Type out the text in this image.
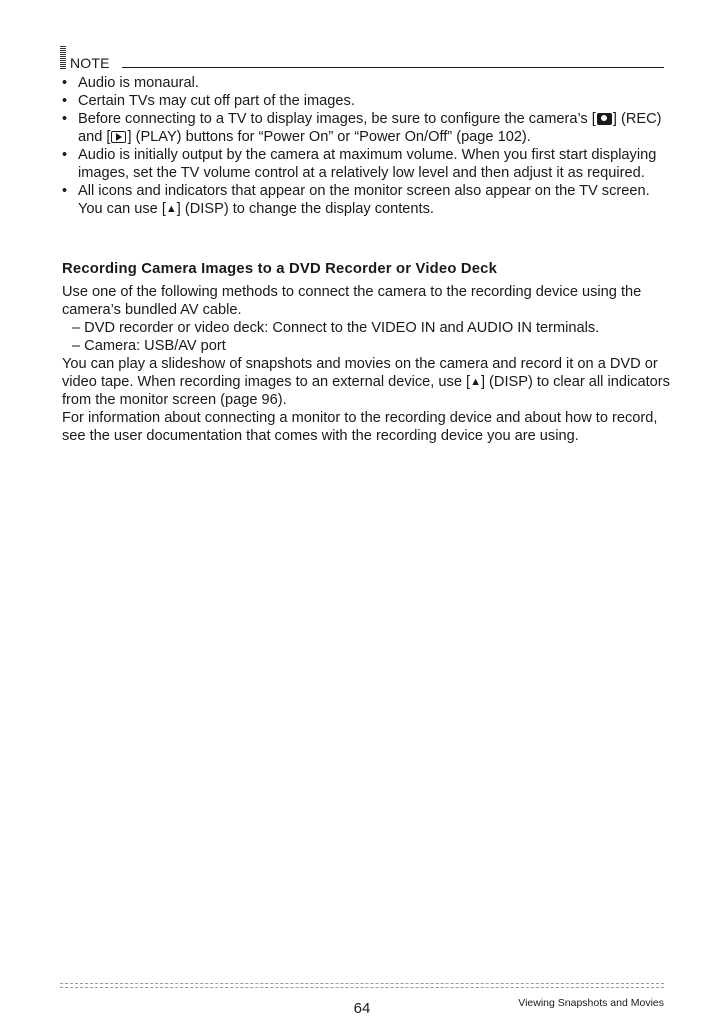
NOTE
• Audio is monaural.
• Certain TVs may cut off part of the images.
• Before connecting to a TV to display images, be sure to configure the camera’s [ ] (REC) and [ ] (PLAY) buttons for “Power On” or “Power On/Off” (page 102).
• Audio is initially output by the camera at maximum volume. When you first start displaying images, set the TV volume control at a relatively low level and then adjust it as required.
• All icons and indicators that appear on the monitor screen also appear on the TV screen. You can use [▲] (DISP) to change the display contents.
Recording Camera Images to a DVD Recorder or Video Deck

Use one of the following methods to connect the camera to the recording device using the camera’s bundled AV cable.

– DVD recorder or video deck: Connect to the VIDEO IN and AUDIO IN terminals.

– Camera: USB/AV port

You can play a slideshow of snapshots and movies on the camera and record it on a DVD or video tape. When recording images to an external device, use [▲] (DISP) to clear all indicators from the monitor screen (page 96).

For information about connecting a monitor to the recording device and about how to record, see the user documentation that comes with the recording device you are using.

64	Viewing Snapshots and Movies
